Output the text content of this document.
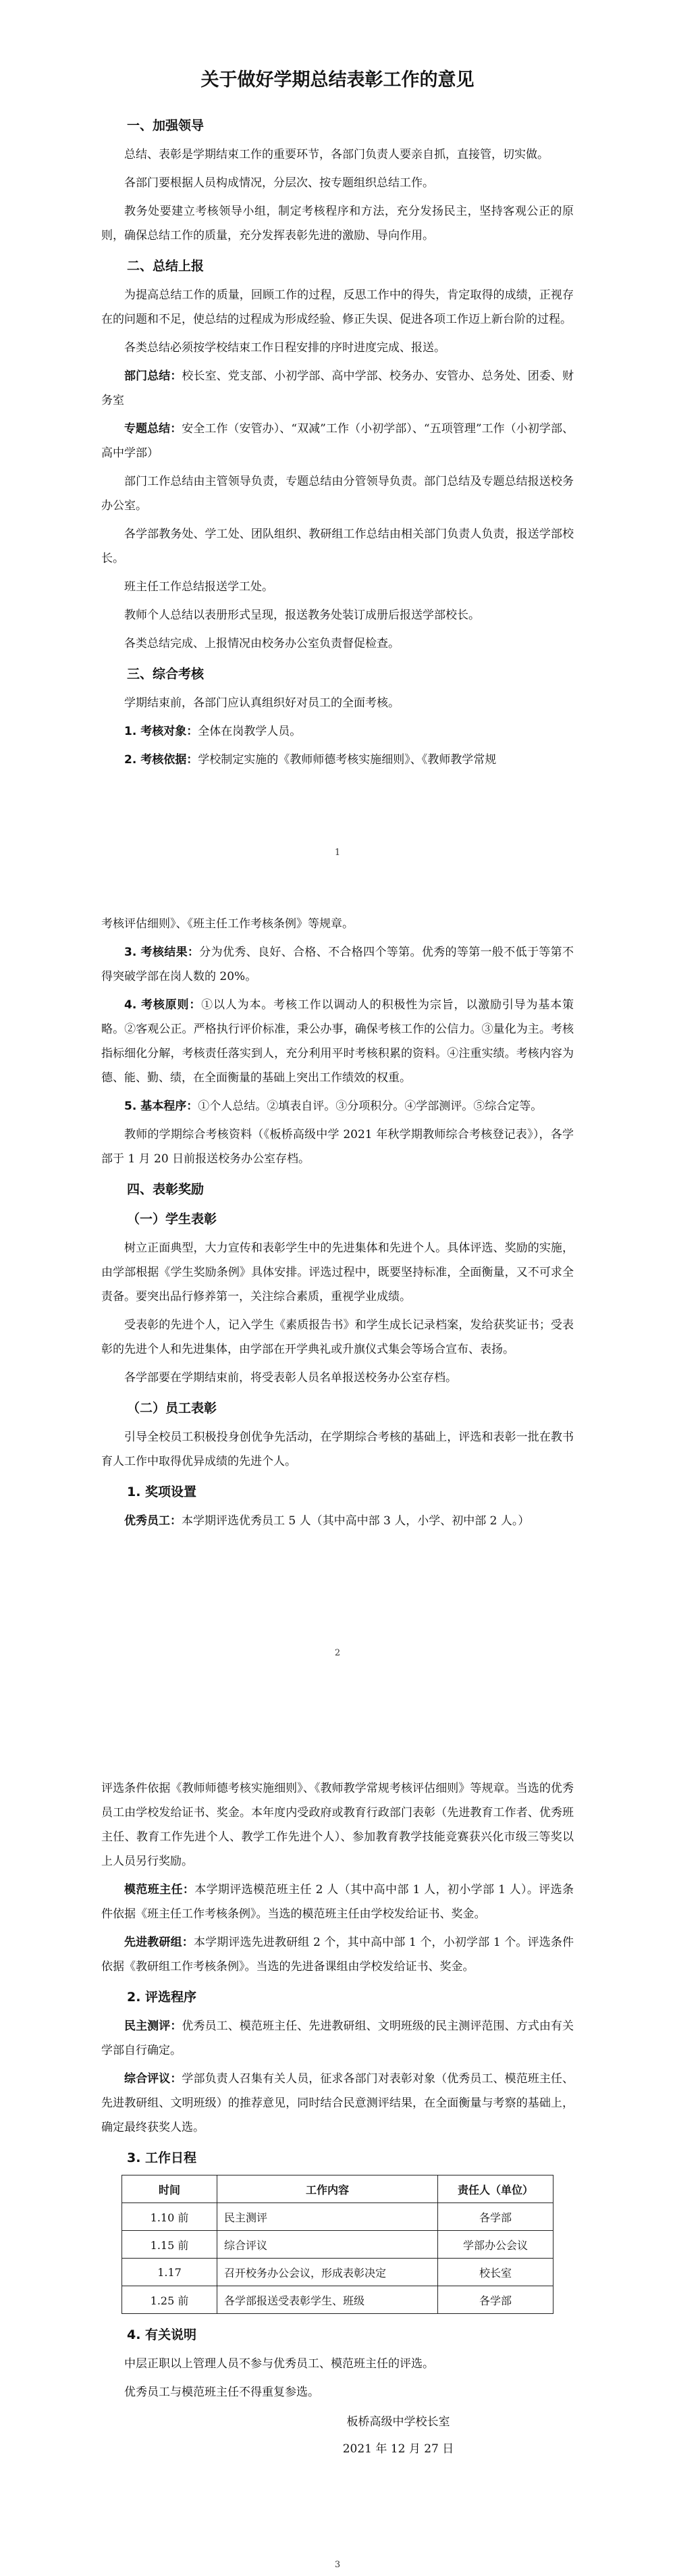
关于做好学期总结表彰工作的意见
一、加强领导

总结、表彰是学期结束工作的重要环节，各部门负责人要亲自抓，直接管，切实做。

各部门要根据人员构成情况，分层次、按专题组织总结工作。

教务处要建立考核领导小组，制定考核程序和方法，充分发扬民主，坚持客观公正的原则，确保总结工作的质量，充分发挥表彰先进的激励、导向作用。

二、总结上报

为提高总结工作的质量，回顾工作的过程，反思工作中的得失，肯定取得的成绩，正视存在的问题和不足，使总结的过程成为形成经验、修正失误、促进各项工作迈上新台阶的过程。

各类总结必须按学校结束工作日程安排的序时进度完成、报送。

部门总结：校长室、党支部、小初学部、高中学部、校务办、安管办、总务处、团委、财务室

专题总结：安全工作（安管办）、“双减”工作（小初学部）、“五项管理”工作（小初学部、高中学部）

部门工作总结由主管领导负责，专题总结由分管领导负责。部门总结及专题总结报送校务办公室。

各学部教务处、学工处、团队组织、教研组工作总结由相关部门负责人负责，报送学部校长。

班主任工作总结报送学工处。

教师个人总结以表册形式呈现，报送教务处装订成册后报送学部校长。

各类总结完成、上报情况由校务办公室负责督促检查。

三、综合考核

学期结束前，各部门应认真组织好对员工的全面考核。

1. 考核对象：全体在岗教学人员。

2. 考核依据：学校制定实施的《教师师德考核实施细则》、《教师教学常规

1

考核评估细则》、《班主任工作考核条例》等规章。

3. 考核结果：分为优秀、良好、合格、不合格四个等第。优秀的等第一般不低于等第不得突破学部在岗人数的 20%。

4. 考核原则：①以人为本。考核工作以调动人的积极性为宗旨，以激励引导为基本策略。②客观公正。严格执行评价标准，秉公办事，确保考核工作的公信力。③量化为主。考核指标细化分解，考核责任落实到人，充分利用平时考核积累的资料。④注重实绩。考核内容为德、能、勤、绩，在全面衡量的基础上突出工作绩效的权重。

5. 基本程序：①个人总结。②填表自评。③分项积分。④学部测评。⑤综合定等。

教师的学期综合考核资料（《板桥高级中学 2021 年秋学期教师综合考核登记表》），各学部于 1 月 20 日前报送校务办公室存档。

四、表彰奖励
（一）学生表彰

树立正面典型，大力宣传和表彰学生中的先进集体和先进个人。具体评选、奖励的实施，由学部根据《学生奖励条例》具体安排。评选过程中，既要坚持标准，全面衡量，又不可求全责备。要突出品行修养第一，关注综合素质，重视学业成绩。

受表彰的先进个人，记入学生《素质报告书》和学生成长记录档案，发给获奖证书；受表彰的先进个人和先进集体，由学部在开学典礼或升旗仪式集会等场合宣布、表扬。

各学部要在学期结束前，将受表彰人员名单报送校务办公室存档。

（二）员工表彰

引导全校员工积极投身创优争先活动，在学期综合考核的基础上，评选和表彰一批在教书育人工作中取得优异成绩的先进个人。

1. 奖项设置

优秀员工：本学期评选优秀员工 5 人（其中高中部 3 人，小学、初中部 2 人。）

2

评选条件依据《教师师德考核实施细则》、《教师教学常规考核评估细则》等规章。当选的优秀员工由学校发给证书、奖金。本年度内受政府或教育行政部门表彰（先进教育工作者、优秀班主任、教育工作先进个人、教学工作先进个人）、参加教育教学技能竞赛获兴化市级三等奖以上人员另行奖励。

模范班主任：本学期评选模范班主任 2 人（其中高中部 1 人，初小学部 1 人）。评选条件依据《班主任工作考核条例》。当选的模范班主任由学校发给证书、奖金。

先进教研组：本学期评选先进教研组 2 个，其中高中部 1 个，小初学部 1 个。评选条件依据《教研组工作考核条例》。当选的先进备课组由学校发给证书、奖金。

2. 评选程序

民主测评：优秀员工、模范班主任、先进教研组、文明班级的民主测评范围、方式由有关学部自行确定。

综合评议：学部负责人召集有关人员，征求各部门对表彰对象（优秀员工、模范班主任、先进教研组、文明班级）的推荐意见，同时结合民意测评结果，在全面衡量与考察的基础上，确定最终获奖人选。

3. 工作日程
时间	工作内容	责任人（单位）
1.10 前	民主测评	各学部
1.15 前	综合评议	学部办公会议
1.17	召开校务办公会议，形成表彰决定	校长室
1.25 前	各学部报送受表彰学生、班级	各学部
4. 有关说明

中层正职以上管理人员不参与优秀员工、模范班主任的评选。

优秀员工与模范班主任不得重复参选。

板桥高级中学校长室
2021 年 12 月 27 日
3
